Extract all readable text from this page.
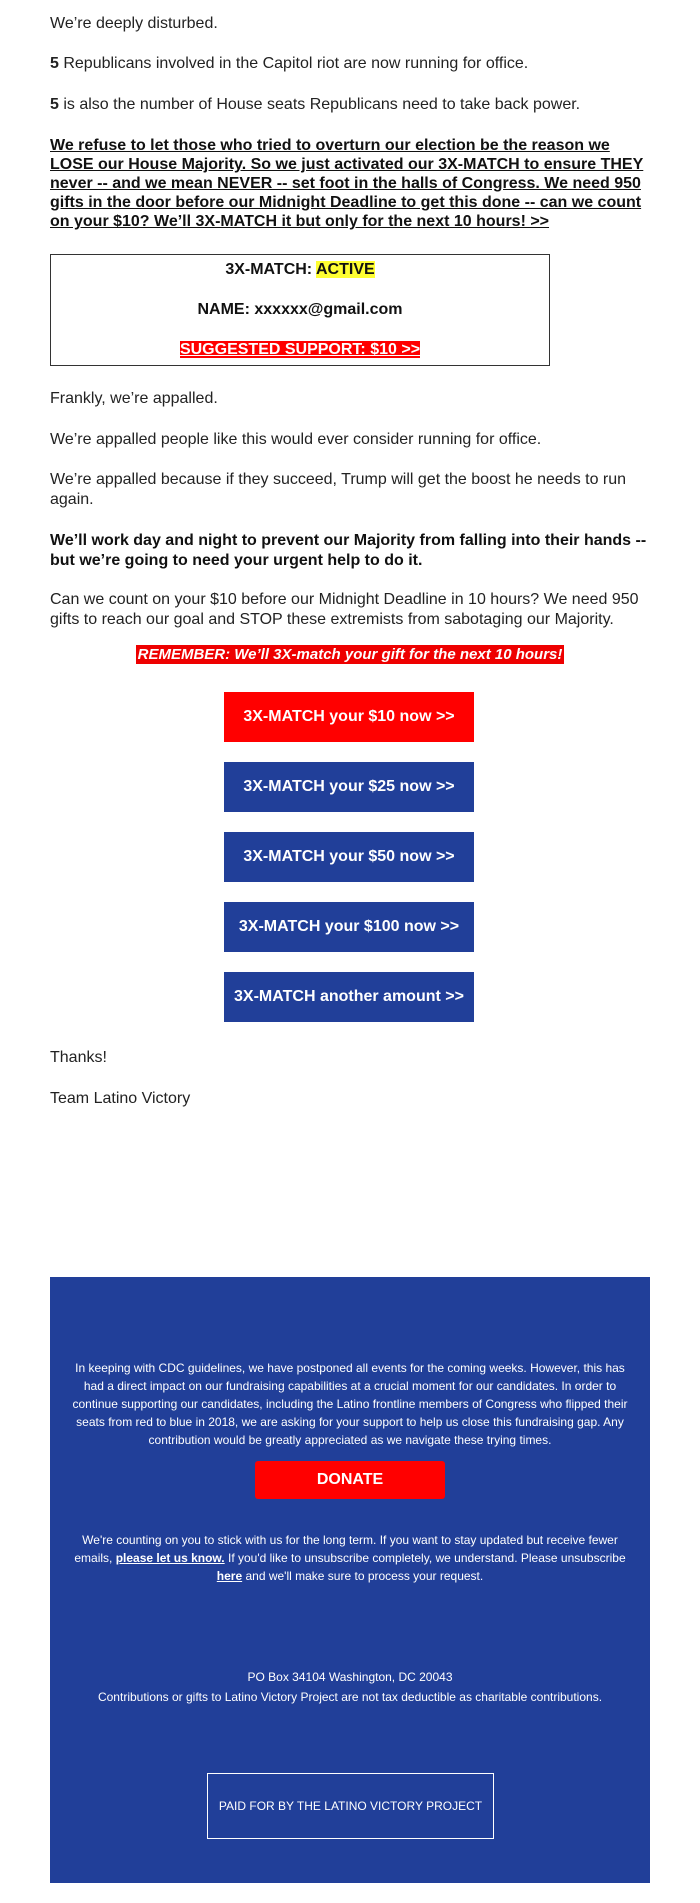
We’re deeply disturbed.

5 Republicans involved in the Capitol riot are now running for office.

5 is also the number of House seats Republicans need to take back power.

We refuse to let those who tried to overturn our election be the reason we LOSE our House Majority. So we just activated our 3X-MATCH to ensure THEY never -- and we mean NEVER -- set foot in the halls of Congress. We need 950 gifts in the door before our Midnight Deadline to get this done -- can we count on your $10? We’ll 3X-MATCH it but only for the next 10 hours! >>

Frankly, we’re appalled.

We’re appalled people like this would ever consider running for office.

We’re appalled because if they succeed, Trump will get the boost he needs to run again.

We’ll work day and night to prevent our Majority from falling into their hands -- but we’re going to need your urgent help to do it.

Can we count on your $10 before our Midnight Deadline in 10 hours? We need 950 gifts to reach our goal and STOP these extremists from sabotaging our Majority.

Thanks!

Team Latino Victory

3X-MATCH: ACTIVE
NAME: xxxxxx@gmail.com
SUGGESTED SUPPORT: $10 >>
REMEMBER: We’ll 3X-match your gift for the next 10 hours!
3X-MATCH your $10 now >>
3X-MATCH your $25 now >>
3X-MATCH your $50 now >>
3X-MATCH your $100 now >>
3X-MATCH another amount >>

In keeping with CDC guidelines, we have postponed all events for the coming weeks. However, this has had a direct impact on our fundraising capabilities at a crucial moment for our candidates. In order to continue supporting our candidates, including the Latino frontline members of Congress who flipped their seats from red to blue in 2018, we are asking for your support to help us close this fundraising gap. Any contribution would be greatly appreciated as we navigate these trying times.

DONATE

We're counting on you to stick with us for the long term. If you want to stay updated but receive fewer emails, please let us know. If you'd like to unsubscribe completely, we understand. Please unsubscribe here and we'll make sure to process your request.

PO Box 34104 Washington, DC 20043

Contributions or gifts to Latino Victory Project are not tax deductible as charitable contributions.

PAID FOR BY THE LATINO VICTORY PROJECT
